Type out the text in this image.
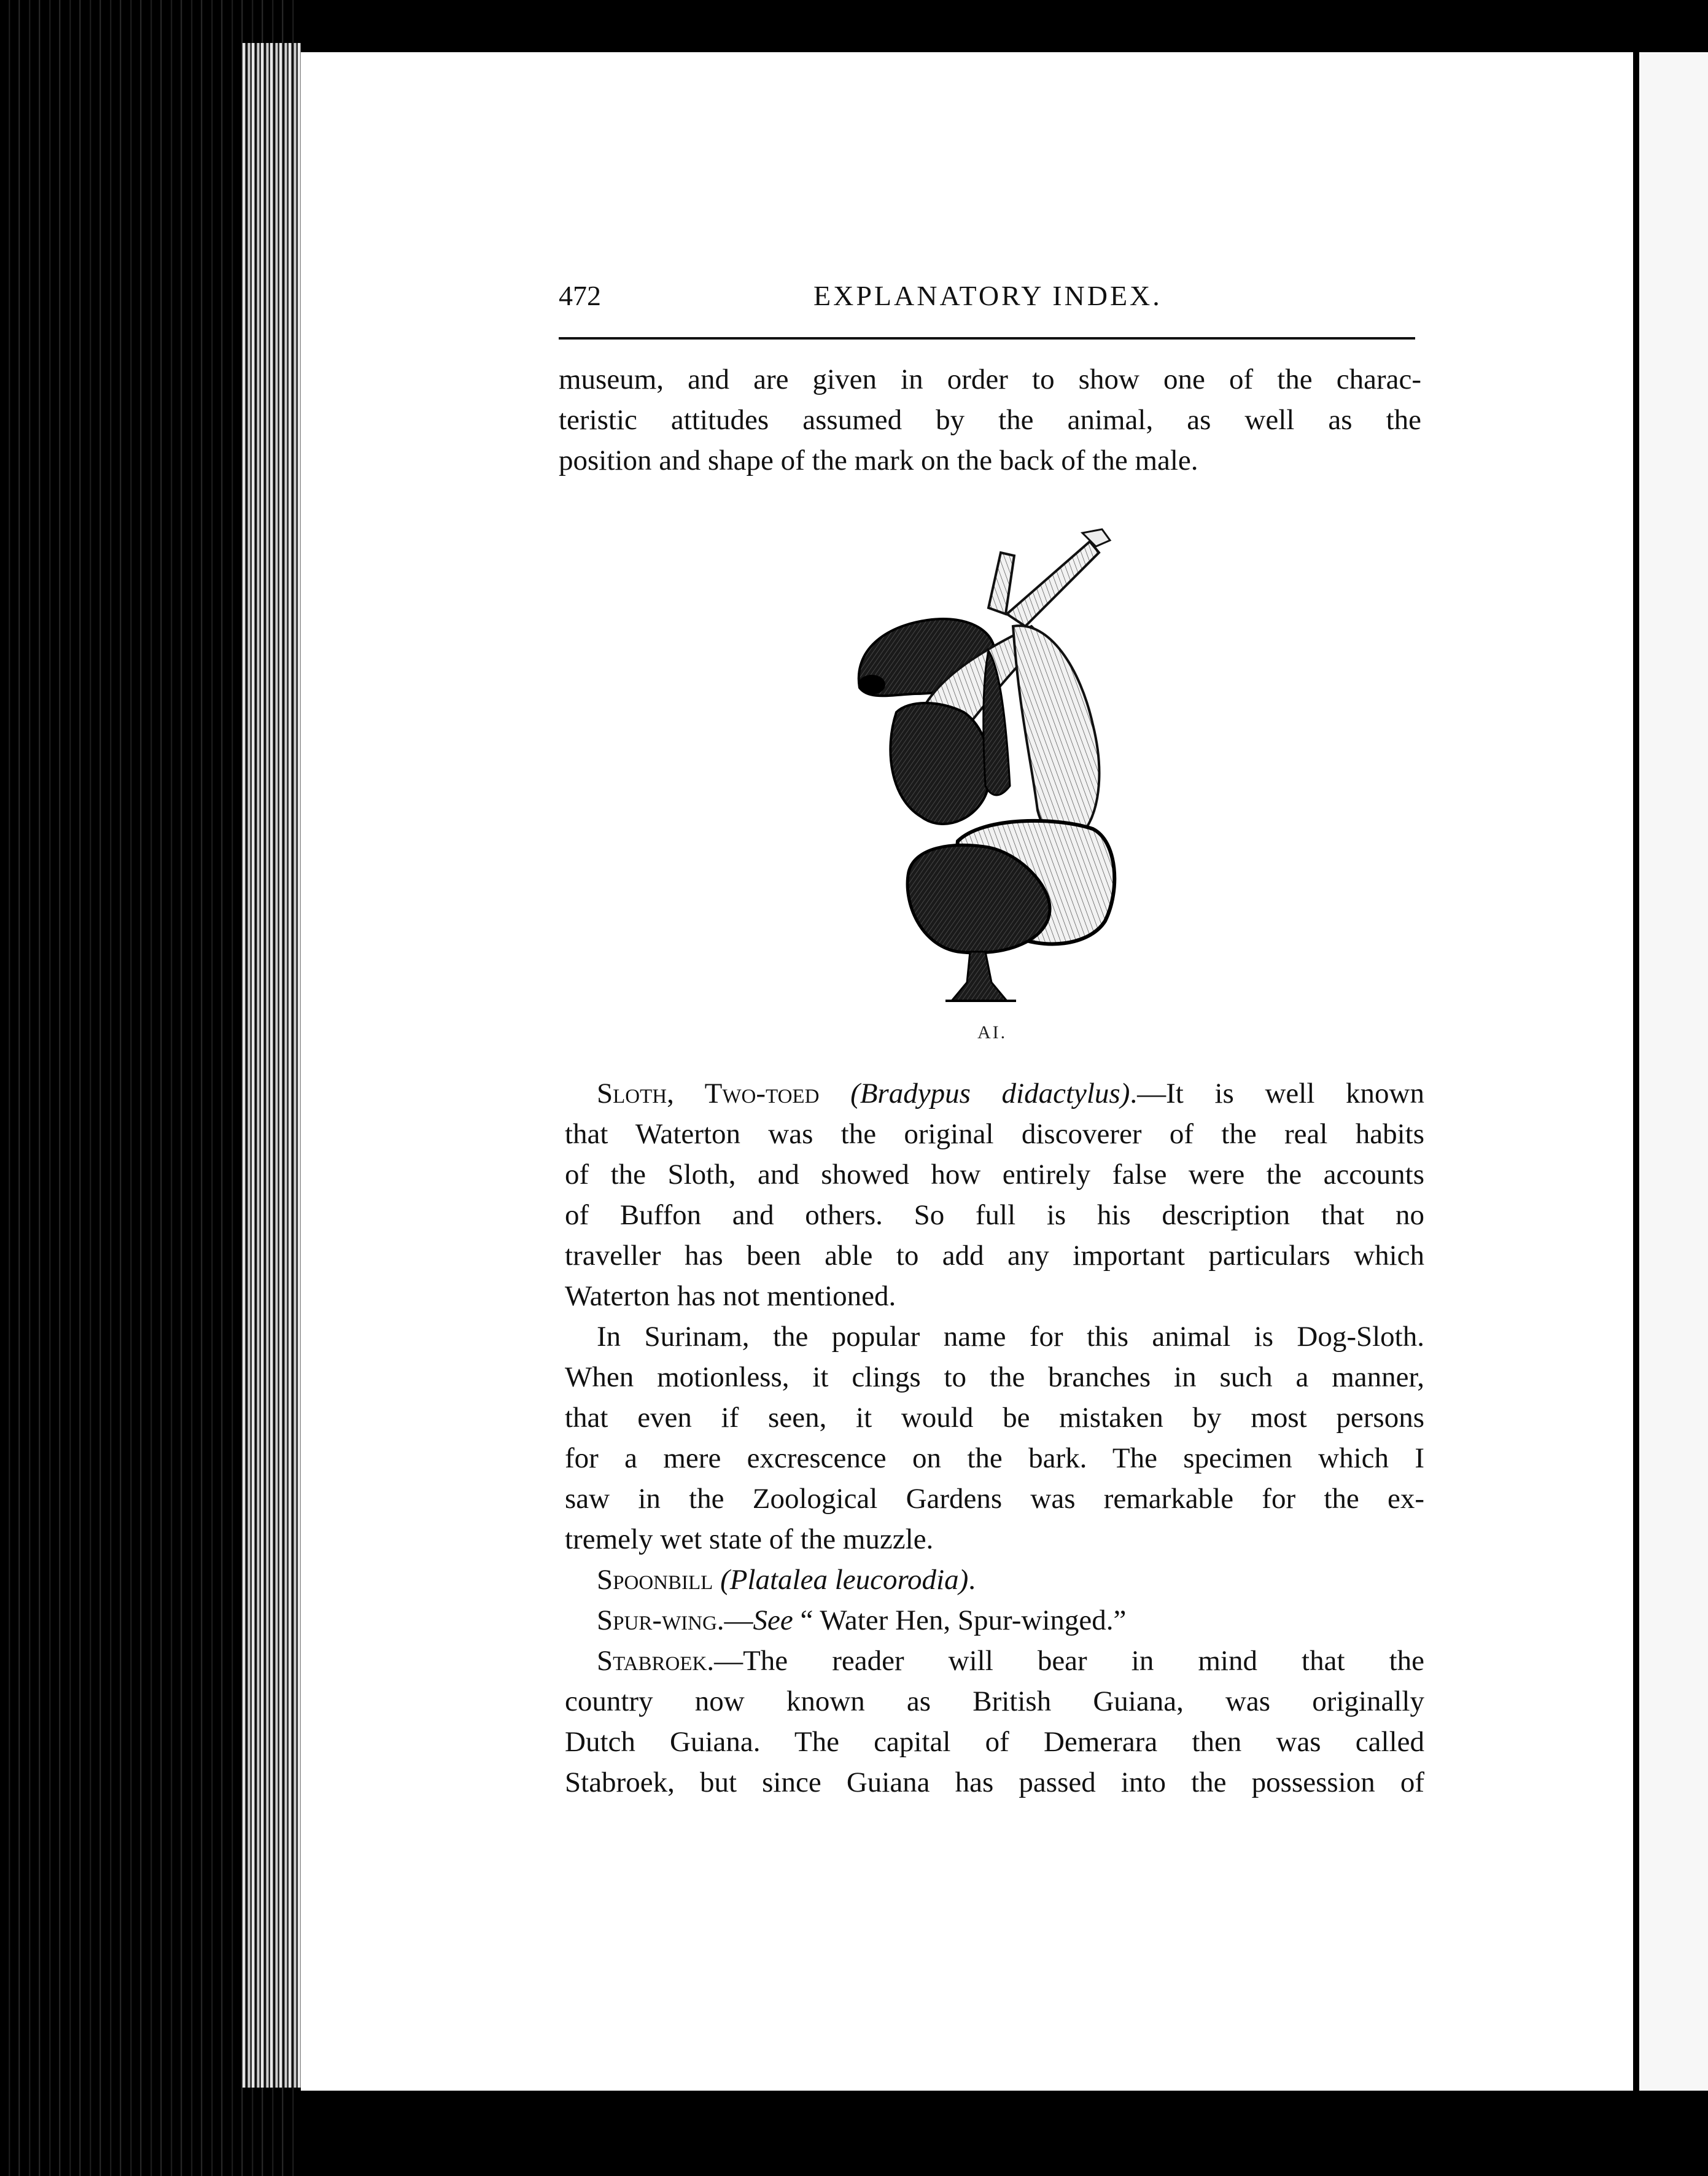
472	EXPLANATORY INDEX.
museum, and are given in order to show one of the charac-
teristic attitudes assumed by the animal, as well as the
position and shape of the mark on the back of the male.
AI.
Sloth, Two-toed (Bradypus didactylus).—It is well known
that Waterton was the original discoverer of the real habits
of the Sloth, and showed how entirely false were the accounts
of Buffon and others. So full is his description that no
traveller has been able to add any important particulars which
Waterton has not mentioned.
In Surinam, the popular name for this animal is Dog-Sloth.
When motionless, it clings to the branches in such a manner,
that even if seen, it would be mistaken by most persons
for a mere excrescence on the bark. The specimen which I
saw in the Zoological Gardens was remarkable for the ex-
tremely wet state of the muzzle.
Spoonbill (Platalea leucorodia).
Spur-wing.—See “ Water Hen, Spur-winged.”
Stabroek.—The reader will bear in mind that the
country now known as British Guiana, was originally
Dutch Guiana. The capital of Demerara then was called
Stabroek, but since Guiana has passed into the possession of
